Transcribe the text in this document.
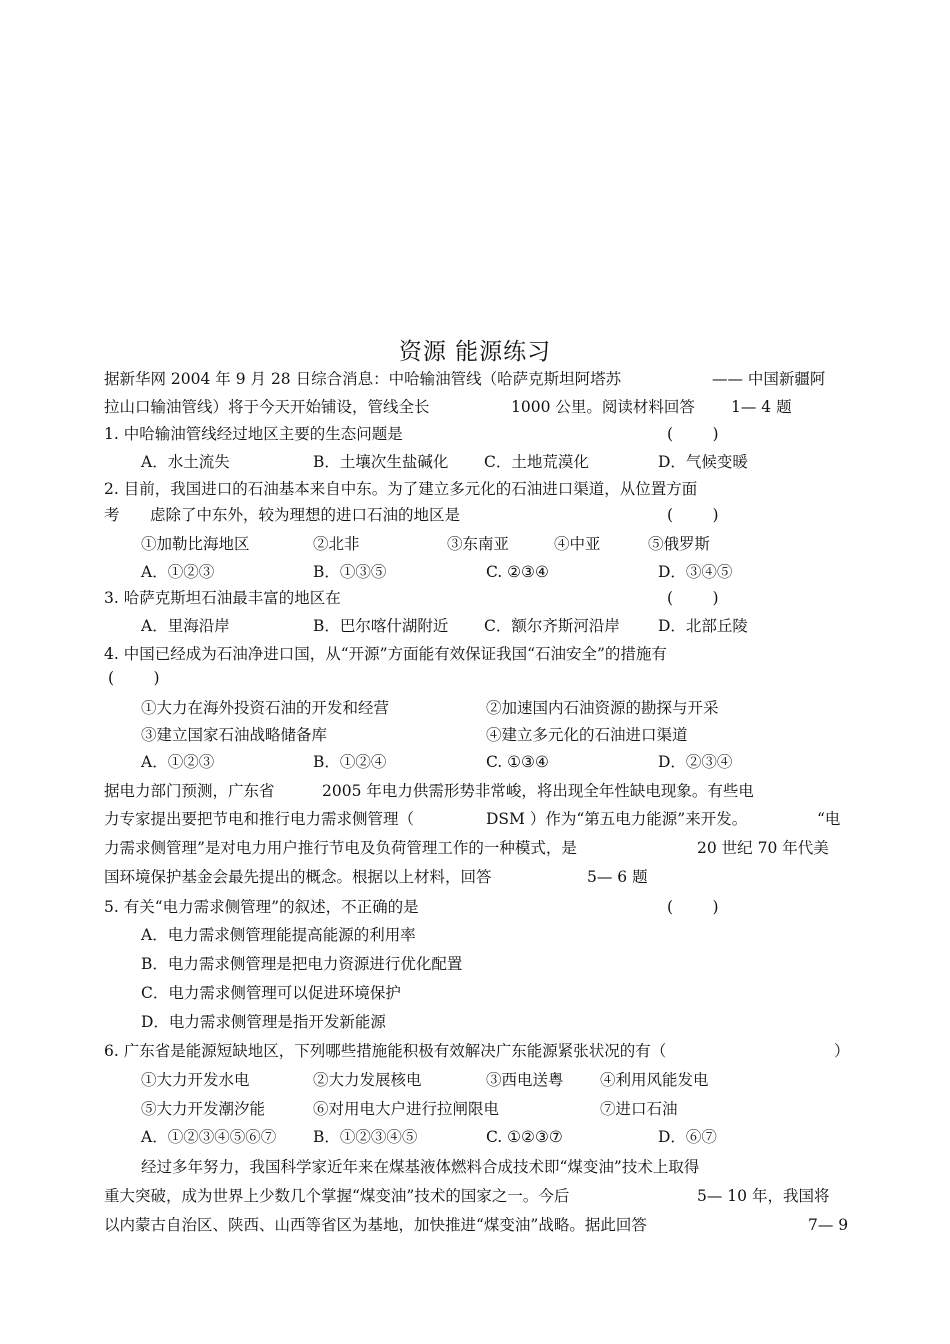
资源 能源练习
据新华网 2004 年 9 月 28 日综合消息：中哈输油管线（哈萨克斯坦阿塔苏	—— 中国新疆阿
拉山口输油管线）将于今天开始铺设，管线全长	1000 公里。阅读材料回答 1— 4 题
1. 中哈输油管线经过地区主要的生态问题是	(        )
A．水土流失	B．土壤次生盐碱化 C．土地荒漠化	D．气候变暖
2. 目前，我国进口的石油基本来自中东。为了建立多元化的石油进口渠道，从位置方面
考 虑除了中东外，较为理想的进口石油的地区是	(        )
①加勒比海地区	②北非	③东南亚	④中亚	⑤俄罗斯
A．①②③	B．①③⑤	C. ②③④	D．③④⑤
3. 哈萨克斯坦石油最丰富的地区在	(        )
A．里海沿岸	B．巴尔喀什湖附近 C．额尔齐斯河沿岸 D．北部丘陵
4. 中国已经成为石油净进口国，从“开源”方面能有效保证我国“石油安全”的措施有
(        )
①大力在海外投资石油的开发和经营	②加速国内石油资源的勘探与开采
③建立国家石油战略储备库	④建立多元化的石油进口渠道
A．①②③	B．①②④	C. ①③④	D．②③④
据电力部门预测，广东省	2005 年电力供需形势非常峻，将出现全年性缺电现象。有些电
力专家提出要把节电和推行电力需求侧管理（	DSM ）作为“第五电力能源”来开发。	“电
力需求侧管理”是对电力用户推行节电及负荷管理工作的一种模式，是	20 世纪 70 年代美
国环境保护基金会最先提出的概念。根据以上材料，回答	5— 6 题
5. 有关“电力需求侧管理”的叙述，不正确的是	(        )
A．电力需求侧管理能提高能源的利用率
B．电力需求侧管理是把电力资源进行优化配置
C．电力需求侧管理可以促进环境保护
D．电力需求侧管理是指开发新能源
6. 广东省是能源短缺地区，下列哪些措施能积极有效解决广东能源紧张状况的有（	）
①大力开发水电	②大力发展核电	③西电送粤 ④利用风能发电
⑤大力开发潮汐能	⑥对用电大户进行拉闸限电	⑦进口石油
A．①②③④⑤⑥⑦ B．①②③④⑤	C. ①②③⑦	D．⑥⑦
经过多年努力，我国科学家近年来在煤基液体燃料合成技术即“煤变油”技术上取得
重大突破，成为世界上少数几个掌握“煤变油”技术的国家之一。今后	5— 10 年，我国将
以内蒙古自治区、陕西、山西等省区为基地，加快推进“煤变油”战略。据此回答	7— 9
